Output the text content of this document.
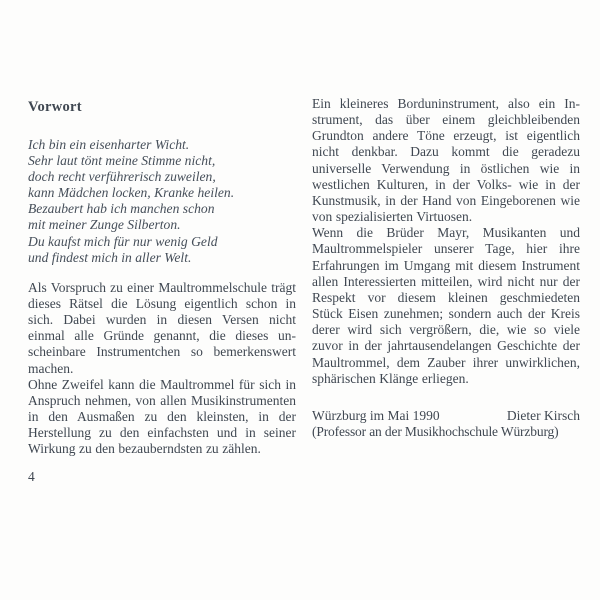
Vorwort
Ich bin ein eisenharter Wicht.
Sehr laut tönt meine Stimme nicht,
doch recht verführerisch zuweilen,
kann Mädchen locken, Kranke heilen.
Bezaubert hab ich manchen schon
mit meiner Zunge Silberton.
Du kaufst mich für nur wenig Geld
und findest mich in aller Welt.

Als Vorspruch zu einer Maultrommelschule trägt dieses Rätsel die Lösung eigentlich schon in sich. Dabei wurden in diesen Versen nicht einmal alle Gründe genannt, die dieses unscheinbare Instrumentchen so bemerkenswert machen.

Ohne Zweifel kann die Maultrommel für sich in Anspruch nehmen, von allen Musikinstrumenten in den Ausmaßen zu den kleinsten, in der Herstellung zu den einfachsten und in seiner Wirkung zu den bezauberndsten zu zählen.

Ein kleineres Borduninstrument, also ein Instrument, das über einem gleichbleibenden Grundton andere Töne erzeugt, ist eigentlich nicht denkbar. Dazu kommt die geradezu universelle Verwendung in östlichen wie in westlichen Kulturen, in der Volks- wie in der Kunstmusik, in der Hand von Eingeborenen wie von spezialisierten Virtuosen.

Wenn die Brüder Mayr, Musikanten und Maultrommelspieler unserer Tage, hier ihre Erfahrungen im Umgang mit diesem Instrument allen Interessierten mitteilen, wird nicht nur der Respekt vor diesem kleinen geschmiedeten Stück Eisen zunehmen; sondern auch der Kreis derer wird sich vergrößern, die, wie so viele zuvor in der jahrtausendelangen Geschichte der Maultrommel, dem Zauber ihrer unwirklichen, sphärischen Klänge erliegen.

Würzburg im Mai 1990	Dieter Kirsch
(Professor an der Musikhochschule Würzburg)
4
